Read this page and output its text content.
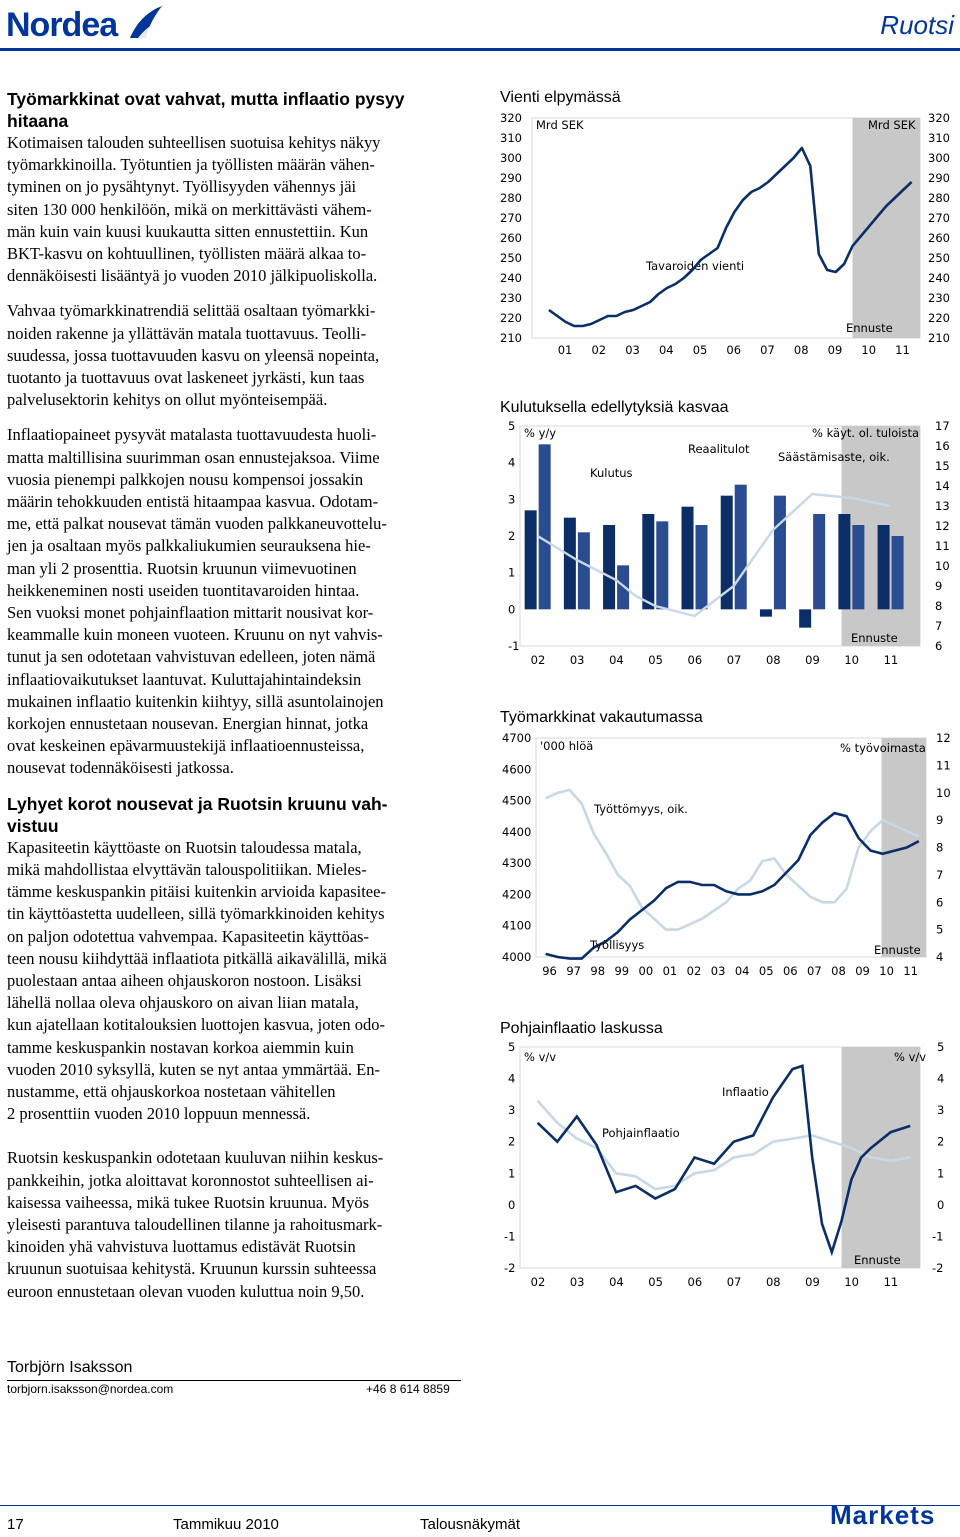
Nordea	Ruotsi
Työmarkkinat ovat vahvat, mutta inflaatio pysyy
hitaana
Kotimaisen talouden suhteellisen suotuisa kehitys näkyy
työmarkkinoilla. Työtuntien ja työllisten määrän vähen-
tyminen on jo pysähtynyt. Työllisyyden vähennys jäi
siten 130 000 henkilöön, mikä on merkittävästi vähem-
män kuin vain kuusi kuukautta sitten ennustettiin. Kun
BKT-kasvu on kohtuullinen, työllisten määrä alkaa to-
dennäköisesti lisääntyä jo vuoden 2010 jälkipuoliskolla.
Vahvaa työmarkkinatrendiä selittää osaltaan työmarkki-
noiden rakenne ja yllättävän matala tuottavuus. Teolli-
suudessa, jossa tuottavuuden kasvu on yleensä nopeinta,
tuotanto ja tuottavuus ovat laskeneet jyrkästi, kun taas
palvelusektorin kehitys on ollut myönteisempää.
Inflaatiopaineet pysyvät matalasta tuottavuudesta huoli-
matta maltillisina suurimman osan ennustejaksoa. Viime
vuosia pienempi palkkojen nousu kompensoi jossakin
määrin tehokkuuden entistä hitaampaa kasvua. Odotam-
me, että palkat nousevat tämän vuoden palkkaneuvottelu-
jen ja osaltaan myös palkkaliukumien seurauksena hie-
man yli 2 prosenttia. Ruotsin kruunun viimevuotinen
heikkeneminen nosti useiden tuontitavaroiden hintaa.
Sen vuoksi monet pohjainflaation mittarit nousivat kor-
keammalle kuin moneen vuoteen. Kruunu on nyt vahvis-
tunut ja sen odotetaan vahvistuvan edelleen, joten nämä
inflaatiovaikutukset laantuvat. Kuluttajahintaindeksin
mukainen inflaatio kuitenkin kiihtyy, sillä asuntolainojen
korkojen ennustetaan nousevan. Energian hinnat, jotka
ovat keskeinen epävarmuustekijä inflaatioennusteissa,
nousevat todennäköisesti jatkossa.
Lyhyet korot nousevat ja Ruotsin kruunu vah-
vistuu
Kapasiteetin käyttöaste on Ruotsin taloudessa matala,
mikä mahdollistaa elvyttävän talouspolitiikan. Mieles-
tämme keskuspankin pitäisi kuitenkin arvioida kapasitee-
tin käyttöastetta uudelleen, sillä työmarkkinoiden kehitys
on paljon odotettua vahvempaa. Kapasiteetin käyttöas-
teen nousu kiihdyttää inflaatiota pitkällä aikavälillä, mikä
puolestaan antaa aiheen ohjauskoron nostoon. Lisäksi
lähellä nollaa oleva ohjauskoro on aivan liian matala,
kun ajatellaan kotitalouksien luottojen kasvua, joten odo-
tamme keskuspankin nostavan korkoa aiemmin kuin
vuoden 2010 syksyllä, kuten se nyt antaa ymmärtää. En-
nustamme, että ohjauskorkoa nostetaan vähitellen
2 prosenttiin vuoden 2010 loppuun mennessä.
Ruotsin keskuspankin odotetaan kuuluvan niihin keskus-
pankkeihin, jotka aloittavat koronnostot suhteellisen ai-
kaisessa vaiheessa, mikä tukee Ruotsin kruunua. Myös
yleisesti parantuva taloudellinen tilanne ja rahoitusmark-
kinoiden yhä vahvistuva luottamus edistävät Ruotsin
kruunun suotuisaa kehitystä. Kruunun kurssin suhteessa
euroon ennustetaan olevan vuoden kuluttua noin 9,50.
Torbjörn Isaksson
torbjorn.isaksson@nordea.com	+46 8 614 8859
17	Tammikuu 2010	Talousnäkymät	Markets
Vienti elpymässä
320	320
310	310
300	300
290	290
280	280
270	270
260	260
250	250
240	240
230	230
220	220
210	210
01 02 03 04 05 06 07 08 09 10 11
Mrd SEK	Mrd SEK
Tavaroiden vienti
Ennuste
Kulutuksella edellytyksiä kasvaa
5
4
3
2
1
0
-1
17
16
15
14
13
12
11
10
9
8
7
6
02 03 04 05 06 07 08 09 10 11
% y/y	% käyt. ol. tuloista
Reaalitulot
Säästämisaste, oik.
Kulutus
Ennuste
Työmarkkinat vakautumassa
4700
4600
4500
4400
4300
4200
4100
4000
12
11
10
9
8
7
6
5
4
96 97 98 99 00 01 02 03 04 05 06 07 08 09 10 11
'000 hlöä	% työvoimasta
Työttömyys, oik.
Työllisyys	Ennuste
Pohjainflaatio laskussa
5	5
4	4
3	3
2	2
1	1
0	0
-1	-1
-2	-2
02 03 04 05 06 07 08 09 10 11
% v/v	% v/v
Inflaatio
Pohjainflaatio
Ennuste
